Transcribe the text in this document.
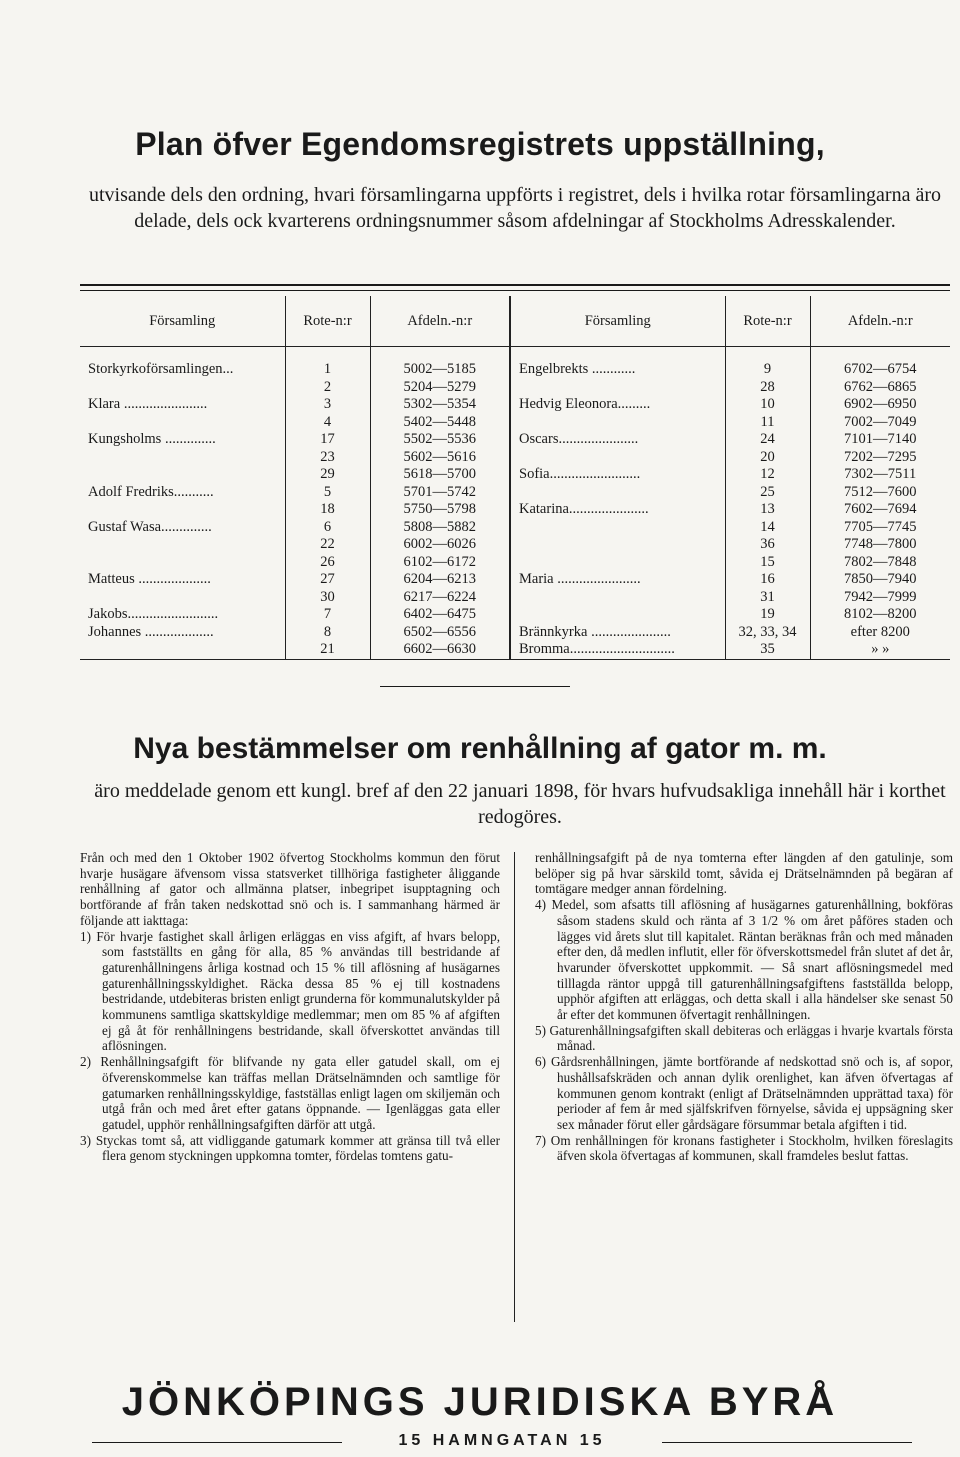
Plan öfver Egendomsregistrets uppställning,
utvisande dels den ordning, hvari församlingarna uppförts i registret, dels i hvilka rotar församlingarna äro delade, dels ock kvarterens ordningsnummer såsom afdelningar af Stockholms Adresskalender.
Församling	Rote-n:r	Afdeln.-n:r	Församling	Rote-n:r	Afdeln.-n:r
Storkyrkoförsamlingen...	1	5002—5185	Engelbrekts ............	9	6702—6754
	2	5204—5279		28	6762—6865
Klara .......................	3	5302—5354	Hedvig Eleonora.........	10	6902—6950
	4	5402—5448		11	7002—7049
Kungsholms ..............	17	5502—5536	Oscars......................	24	7101—7140
	23	5602—5616		20	7202—7295
	29	5618—5700	Sofia.........................	12	7302—7511
Adolf Fredriks...........	5	5701—5742		25	7512—7600
	18	5750—5798	Katarina......................	13	7602—7694
Gustaf Wasa..............	6	5808—5882		14	7705—7745
	22	6002—6026		36	7748—7800
	26	6102—6172		15	7802—7848
Matteus ....................	27	6204—6213	Maria .......................	16	7850—7940
	30	6217—6224		31	7942—7999
Jakobs.........................	7	6402—6475		19	8102—8200
Johannes ...................	8	6502—6556	Brännkyrka ......................	32, 33, 34	efter 8200
	21	6602—6630	Bromma.............................	35	» »
Nya bestämmelser om renhållning af gator m. m.
äro meddelade genom ett kungl. bref af den 22 januari 1898, för hvars hufvudsakliga innehåll här i korthet redogöres.

Från och med den 1 Oktober 1902 öfvertog Stockholms kommun den förut hvarje husägare äfvensom vissa statsverket tillhöriga fastigheter åliggande renhållning af gator och allmänna platser, inbegripet isupptagning och bortförande af från taken nedskottad snö och is. I sammanhang härmed är följande att iakttaga:

1) För hvarje fastighet skall årligen erläggas en viss afgift, af hvars belopp, som fastställts en gång för alla, 85 % användas till bestridande af gaturenhållningens årliga kostnad och 15 % till aflösning af husägarnes gaturenhållningsskyldighet. Räcka dessa 85 % ej till kostnadens bestridande, utdebiteras bristen enligt grunderna för kommunalutskylder på kommunens samtliga skattskyldige medlemmar; men om 85 % af afgiften ej gå åt för renhållningens bestridande, skall öfverskottet användas till aflösningen.

2) Renhållningsafgift för blifvande ny gata eller gatudel skall, om ej öfverenskommelse kan träffas mellan Drätselnämnden och samtlige för gatumarken renhållningsskyldige, fastställas enligt lagen om skiljemän och utgå från och med året efter gatans öppnande. — Igenläggas gata eller gatudel, upphör renhållningsafgiften därför att utgå.

3) Styckas tomt så, att vidliggande gatumark kommer att gränsa till två eller flera genom styckningen uppkomna tomter, fördelas tomtens gatu-

renhållningsafgift på de nya tomterna efter längden af den gatulinje, som belöper sig på hvar särskild tomt, såvida ej Drätselnämnden på begäran af tomtägare medger annan fördelning.

4) Medel, som afsatts till aflösning af husägarnes gaturenhållning, bokföras såsom stadens skuld och ränta af 3 1/2 % om året påföres staden och lägges vid årets slut till kapitalet. Räntan beräknas från och med månaden efter den, då medlen influtit, eller för öfverskottsmedel från slutet af det år, hvarunder öfverskottet uppkommit. — Så snart aflösningsmedel med tilllagda räntor uppgå till gaturenhållningsafgiftens fastställda belopp, upphör afgiften att erläggas, och detta skall i alla händelser ske senast 50 år efter det kommunen öfvertagit renhållningen.

5) Gaturenhållningsafgiften skall debiteras och erläggas i hvarje kvartals första månad.

6) Gårdsrenhållningen, jämte bortförande af nedskottad snö och is, af sopor, hushållsafskräden och annan dylik orenlighet, kan äfven öfvertagas af kommunen genom kontrakt (enligt af Drätselnämnden upprättad taxa) för perioder af fem år med själfskrifven förnyelse, såvida ej uppsägning sker sex månader förut eller gårdsägare försummar betala afgiften i tid.

7) Om renhållningen för kronans fastigheter i Stockholm, hvilken föreslagits äfven skola öfvertagas af kommunen, skall framdeles beslut fattas.

JÖNKÖPINGS JURIDISKA BYRÅ
15 HAMNGATAN 15
